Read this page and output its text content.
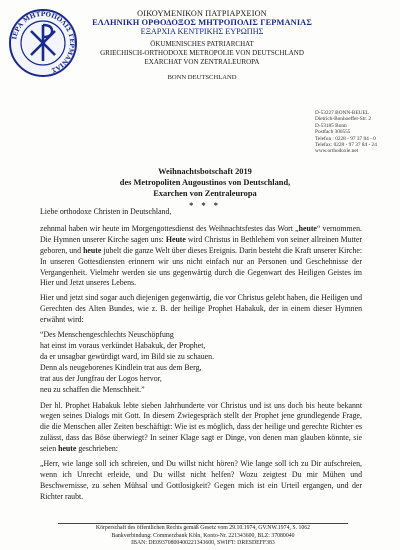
ΙΕΡΑ ΜΗΤΡΟΠΟΛΙΣ ΓΕΡΜΑΝΙΑΣ
ΟΙΚΟΥΜΕΝΙΚΟΝ ΠΑΤΡΙΑΡΧΕΙΟΝ
ΕΛΛΗΝΙΚΗ ΟΡΘΟΔΟΞΟΣ ΜΗΤΡΟΠΟΛΙΣ ΓΕΡΜΑΝΙΑΣ
ΕΞΑΡΧΙΑ ΚΕΝΤΡΙΚΗΣ ΕΥΡΩΠΗΣ
ÖKUMENISCHES PATRIARCHAT
GRIECHISCH-ORTHODOXE METROPOLIE VON DEUTSCHLAND
EXARCHAT VON ZENTRALEUROPA
BONN DEUTSCHLAND
D-53227 BONN-BEUEL
Dietrich-Bonhoeffer-Str. 2
D-53185 Bonn
Postfach 300555
Telefon : 0228 - 97 37 84 - 0
Telefax: 0228 - 97 37 84 - 24
www.orthodoxie.net
Weihnachtsbotschaft 2019
des Metropoliten Augoustinos von Deutschland,
Exarchen von Zentraleuropa
* * *

Liebe orthodoxe Christen in Deutschland,

zehnmal haben wir heute im Morgengottesdienst des Weihnachtsfestes das Wort „heute“ vernommen. Die Hymnen unserer Kirche sagen uns: Heute wird Christus in Bethlehem von seiner allreinen Mutter geboren, und heute jubelt die ganze Welt über dieses Ereignis. Darin besteht die Kraft unserer Kirche: In unseren Gottesdiensten erinnern wir uns nicht einfach nur an Personen und Geschehnisse der Vergangenheit. Vielmehr werden sie uns gegenwärtig durch die Gegenwart des Heiligen Geistes im Hier und Jetzt unseres Lebens.

Hier und jetzt sind sogar auch diejenigen gegenwärtig, die vor Christus gelebt haben, die Heiligen und Gerechten des Alten Bundes, wie z. B. der heilige Prophet Habakuk, der in einem dieser Hymnen erwähnt wird:

“Des Menschengeschlechts Neuschöpfung
hat einst im voraus verkündet Habakuk, der Prophet,
da er unsagbar gewürdigt ward, im Bild sie zu schauen.
Denn als neugeborenes Kindlein trat aus dem Berg,
trat aus der Jungfrau der Logos hervor,
neu zu schaffen die Menschheit.”

Der hl. Prophet Habakuk lebte sieben Jahrhunderte vor Christus und ist uns doch bis heute bekannt wegen seines Dialogs mit Gott. In diesem Zwiegespräch stellt der Prophet jene grundlegende Frage, die die Menschen aller Zeiten beschäftigt: Wie ist es möglich, dass der heilige und gerechte Richter es zulässt, dass das Böse überwiegt? In seiner Klage sagt er Dinge, von denen man glauben könnte, sie seien heute geschrieben:

„Herr, wie lange soll ich schreien, und Du willst nicht hören? Wie lange soll ich zu Dir aufschreien, wenn ich Unrecht erleide, und Du willst nicht helfen? Wozu zeigtest Du mir Mühen und Beschwernisse, zu sehen Mühsal und Gottlosigkeit? Gegen mich ist ein Urteil ergangen, und der Richter raubt.

Körperschaft des öffentlichen Rechts gemäß Gesetz vom 29.10.1974, GV.NW.1974, S. 1062
Bankverbindung: Commerzbank Köln, Konto-Nr. 221343600, BLZ: 37080040
IBAN: DE09370800400221343600, SWIFT: DRESDEFF383
